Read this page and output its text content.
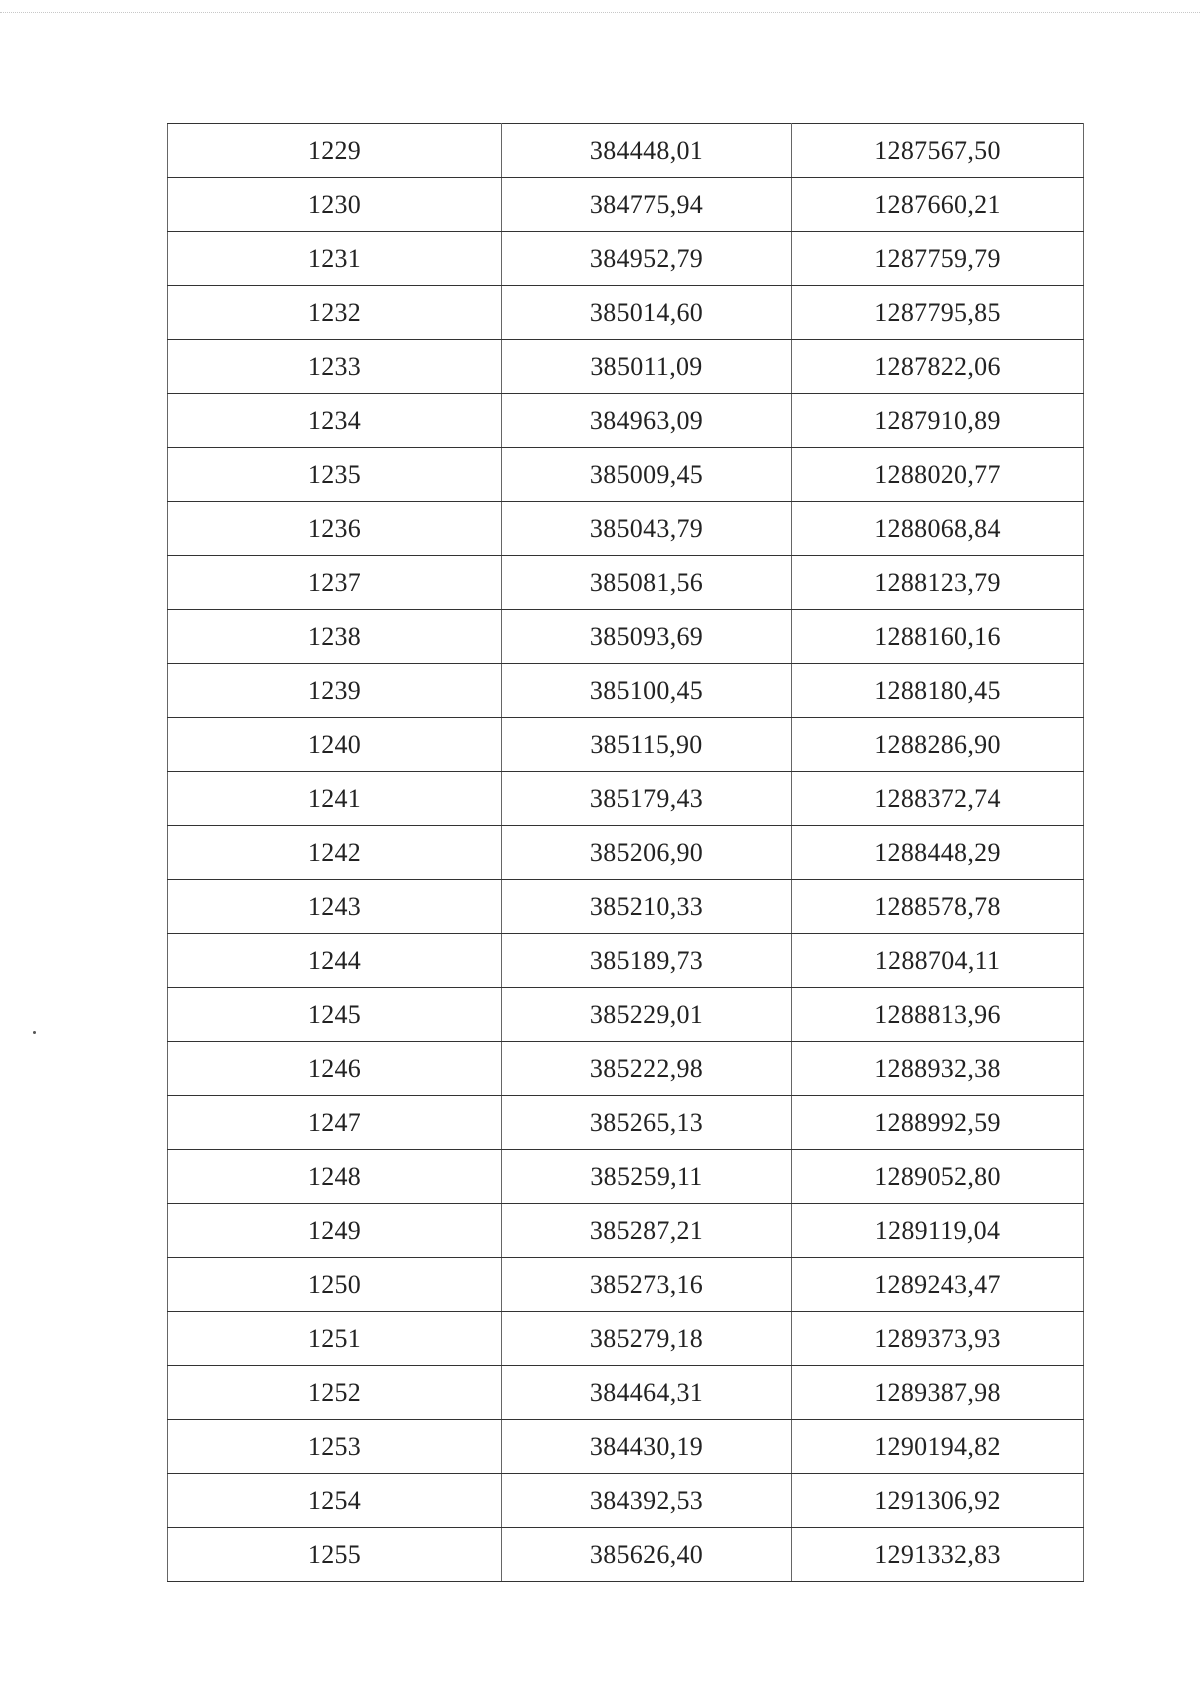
1229	384448,01	1287567,50
1230	384775,94	1287660,21
1231	384952,79	1287759,79
1232	385014,60	1287795,85
1233	385011,09	1287822,06
1234	384963,09	1287910,89
1235	385009,45	1288020,77
1236	385043,79	1288068,84
1237	385081,56	1288123,79
1238	385093,69	1288160,16
1239	385100,45	1288180,45
1240	385115,90	1288286,90
1241	385179,43	1288372,74
1242	385206,90	1288448,29
1243	385210,33	1288578,78
1244	385189,73	1288704,11
1245	385229,01	1288813,96
1246	385222,98	1288932,38
1247	385265,13	1288992,59
1248	385259,11	1289052,80
1249	385287,21	1289119,04
1250	385273,16	1289243,47
1251	385279,18	1289373,93
1252	384464,31	1289387,98
1253	384430,19	1290194,82
1254	384392,53	1291306,92
1255	385626,40	1291332,83
